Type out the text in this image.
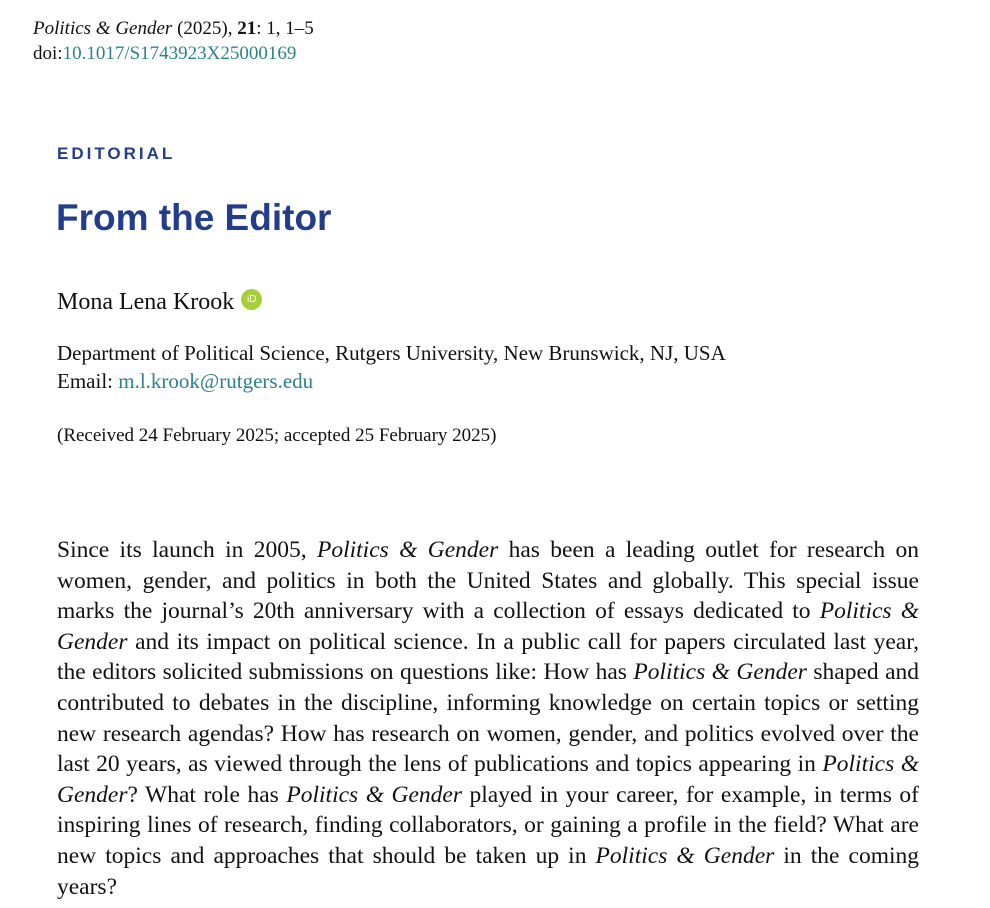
Politics & Gender (2025), 21: 1, 1–5
doi:10.1017/S1743923X25000169
EDITORIAL
From the Editor
Mona Lena Krook	iD
Department of Political Science, Rutgers University, New Brunswick, NJ, USA
Email: m.l.krook@rutgers.edu
(Received 24 February 2025; accepted 25 February 2025)

Since its launch in 2005, Politics & Gender has been a leading outlet for research on women, gender, and politics in both the United States and globally. This special issue marks the journal’s 20th anniversary with a collection of essays dedicated to Politics & Gender and its impact on political science. In a public call for papers circulated last year, the editors solicited submissions on questions like: How has Politics & Gender shaped and contributed to debates in the discipline, informing knowledge on certain topics or setting new research agendas? How has research on women, gender, and politics evolved over the last 20 years, as viewed through the lens of publications and topics appearing in Politics & Gender? What role has Politics & Gender played in your career, for example, in terms of inspiring lines of research, finding collaborators, or gaining a profile in the field? What are new topics and approaches that should be taken up in Politics & Gender in the coming years?
